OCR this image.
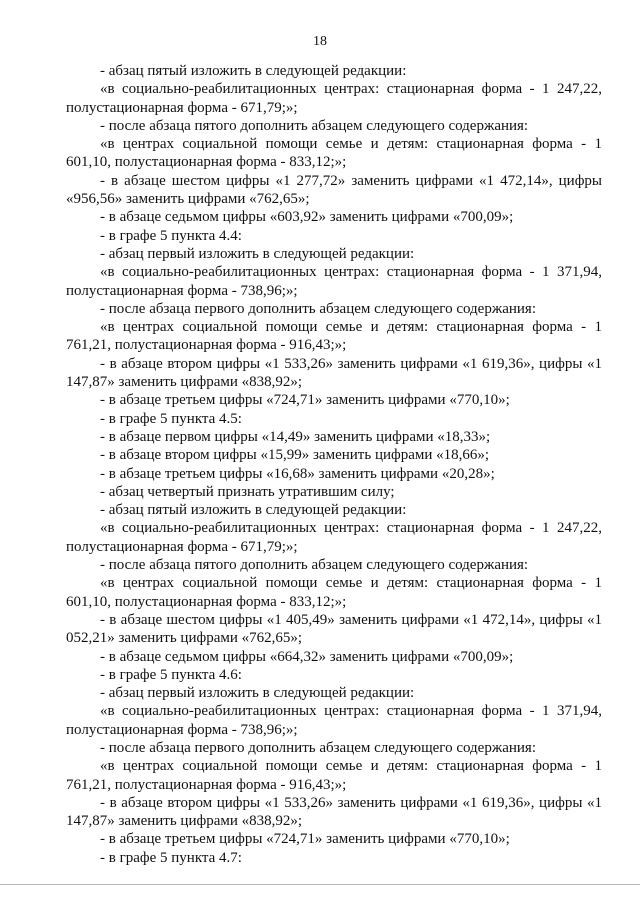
18

- абзац пятый изложить в следующей редакции:

«в социально-реабилитационных центрах: стационарная форма - 1 247,22, полустационарная форма - 671,79;»;

- после абзаца пятого дополнить абзацем следующего содержания:

«в центрах социальной помощи семье и детям: стационарная форма - 1 601,10, полустационарная форма - 833,12;»;

- в абзаце шестом цифры «1 277,72» заменить цифрами «1 472,14», цифры «956,56» заменить цифрами «762,65»;

- в абзаце седьмом цифры «603,92» заменить цифрами «700,09»;

- в графе 5 пункта 4.4:

- абзац первый изложить в следующей редакции:

«в социально-реабилитационных центрах: стационарная форма - 1 371,94, полустационарная форма - 738,96;»;

- после абзаца первого дополнить абзацем следующего содержания:

«в центрах социальной помощи семье и детям: стационарная форма - 1 761,21, полустационарная форма - 916,43;»;

- в абзаце втором цифры «1 533,26» заменить цифрами «1 619,36», цифры «1 147,87» заменить цифрами «838,92»;

- в абзаце третьем цифры «724,71» заменить цифрами «770,10»;

- в графе 5 пункта 4.5:

- в абзаце первом цифры «14,49» заменить цифрами «18,33»;

- в абзаце втором цифры «15,99» заменить цифрами «18,66»;

- в абзаце третьем цифры «16,68» заменить цифрами «20,28»;

- абзац четвертый признать утратившим силу;

- абзац пятый изложить в следующей редакции:

«в социально-реабилитационных центрах: стационарная форма - 1 247,22, полустационарная форма - 671,79;»;

- после абзаца пятого дополнить абзацем следующего содержания:

«в центрах социальной помощи семье и детям: стационарная форма - 1 601,10, полустационарная форма - 833,12;»;

- в абзаце шестом цифры «1 405,49» заменить цифрами «1 472,14», цифры «1 052,21» заменить цифрами «762,65»;

- в абзаце седьмом цифры «664,32» заменить цифрами «700,09»;

- в графе 5 пункта 4.6:

- абзац первый изложить в следующей редакции:

«в социально-реабилитационных центрах: стационарная форма - 1 371,94, полустационарная форма - 738,96;»;

- после абзаца первого дополнить абзацем следующего содержания:

«в центрах социальной помощи семье и детям: стационарная форма - 1 761,21, полустационарная форма - 916,43;»;

- в абзаце втором цифры «1 533,26» заменить цифрами «1 619,36», цифры «1 147,87» заменить цифрами «838,92»;

- в абзаце третьем цифры «724,71» заменить цифрами «770,10»;

- в графе 5 пункта 4.7:
